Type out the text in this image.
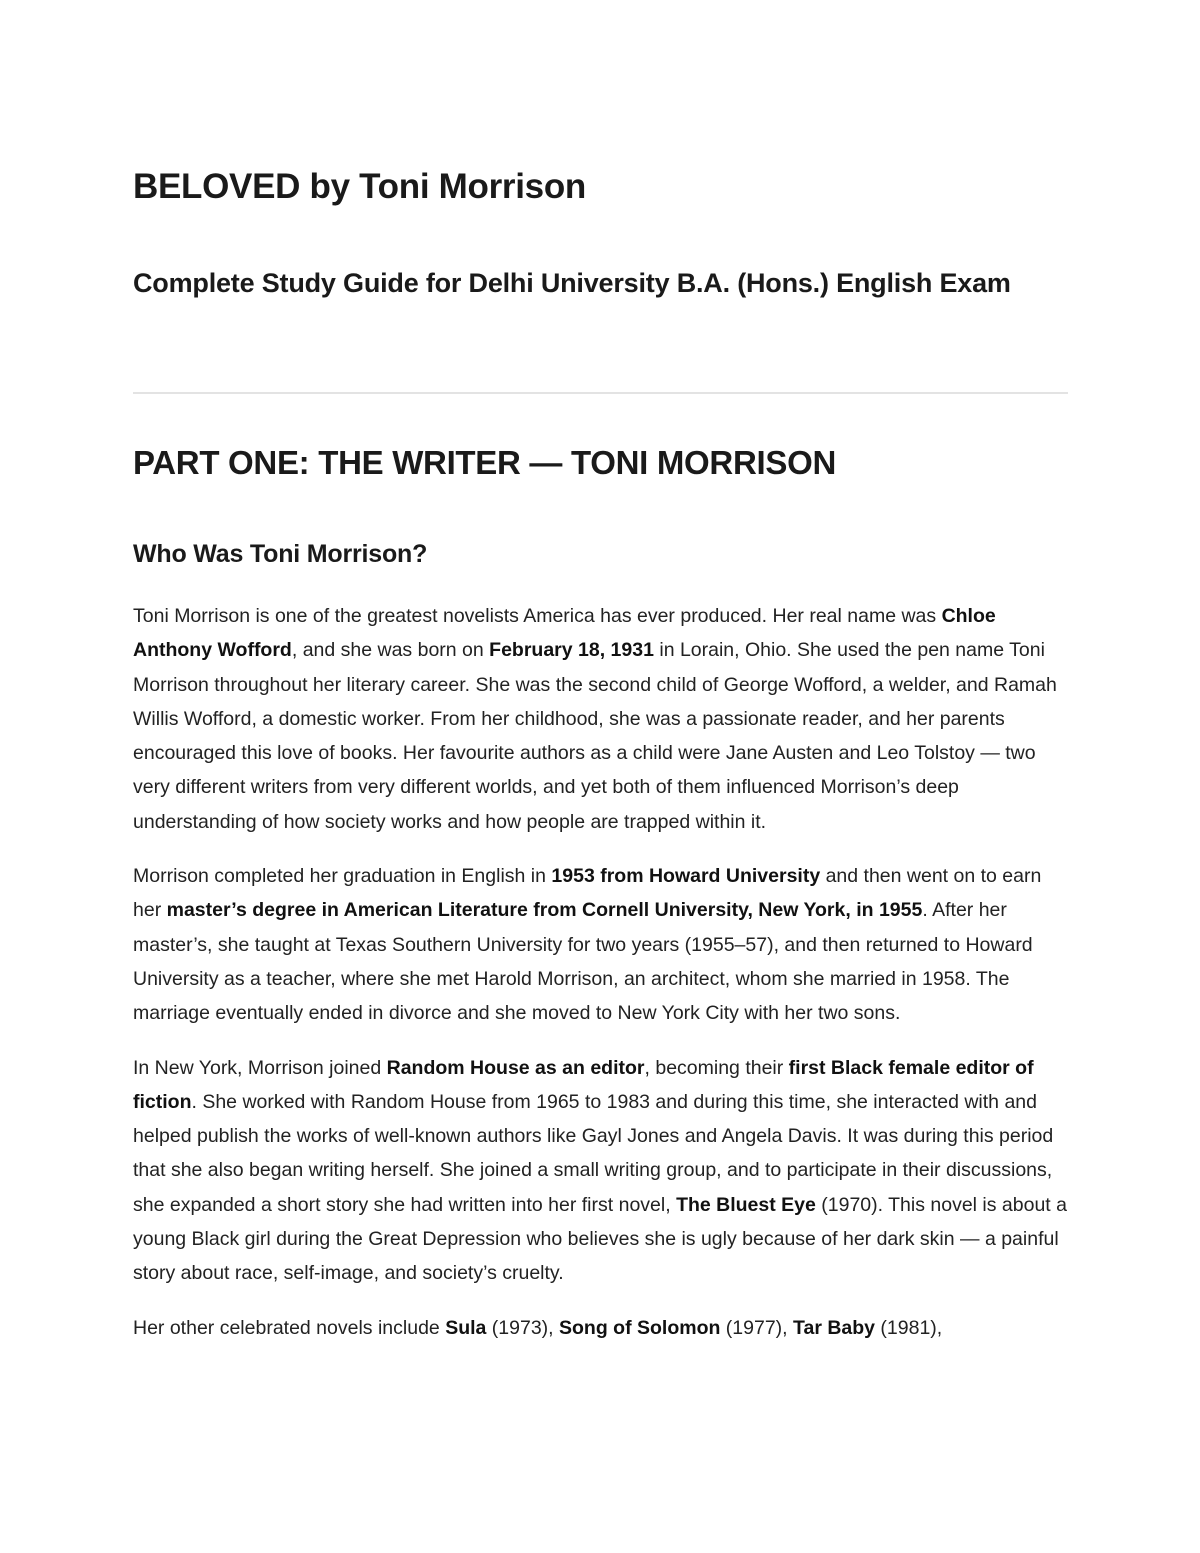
BELOVED by Toni Morrison
Complete Study Guide for Delhi University B.A. (Hons.) English Exam
PART ONE: THE WRITER — TONI MORRISON
Who Was Toni Morrison?

Toni Morrison is one of the greatest novelists America has ever produced. Her real name was Chloe Anthony Wofford, and she was born on February 18, 1931 in Lorain, Ohio. She used the pen name Toni Morrison throughout her literary career. She was the second child of George Wofford, a welder, and Ramah Willis Wofford, a domestic worker. From her childhood, she was a passionate reader, and her parents encouraged this love of books. Her favourite authors as a child were Jane Austen and Leo Tolstoy — two very different writers from very different worlds, and yet both of them influenced Morrison’s deep understanding of how society works and how people are trapped within it.

Morrison completed her graduation in English in 1953 from Howard University and then went on to earn her master’s degree in American Literature from Cornell University, New York, in 1955. After her master’s, she taught at Texas Southern University for two years (1955–57), and then returned to Howard University as a teacher, where she met Harold Morrison, an architect, whom she married in 1958. The marriage eventually ended in divorce and she moved to New York City with her two sons.

In New York, Morrison joined Random House as an editor, becoming their first Black female editor of fiction. She worked with Random House from 1965 to 1983 and during this time, she interacted with and helped publish the works of well-known authors like Gayl Jones and Angela Davis. It was during this period that she also began writing herself. She joined a small writing group, and to participate in their discussions, she expanded a short story she had written into her first novel, The Bluest Eye (1970). This novel is about a young Black girl during the Great Depression who believes she is ugly because of her dark skin — a painful story about race, self-image, and society’s cruelty.

Her other celebrated novels include Sula (1973), Song of Solomon (1977), Tar Baby (1981),
